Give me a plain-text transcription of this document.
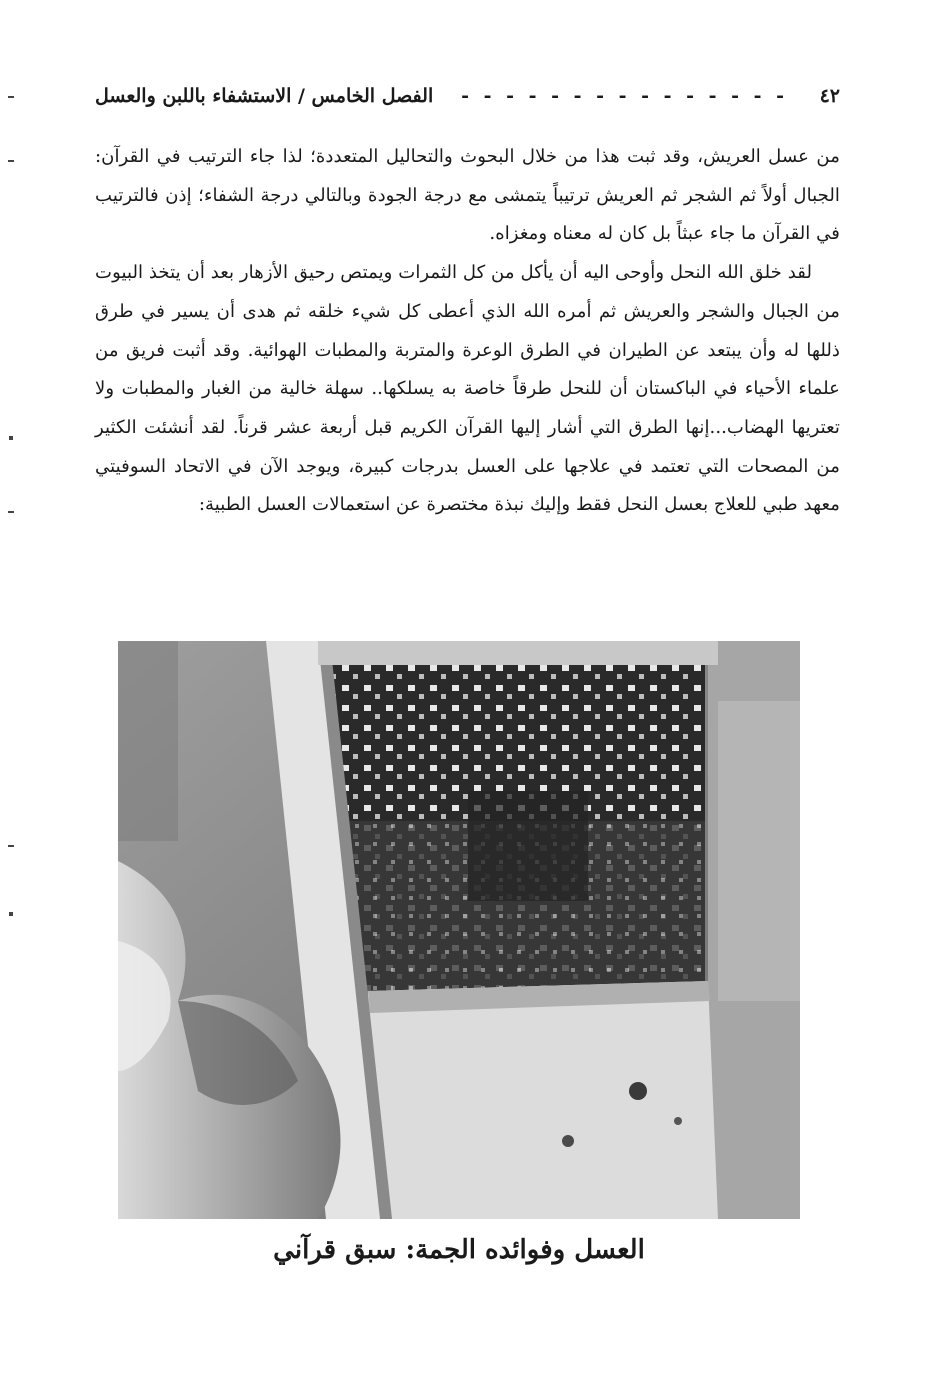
٤٢
- - - - - - - - - - - - - - -
الفصل الخامس / الاستشفاء باللبن والعسل

من عسل العريش، وقد ثبت هذا من خلال البحوث والتحاليل المتعددة؛ لذا جاء الترتيب في القرآن: الجبال أولاً ثم الشجر ثم العريش ترتيباً يتمشى مع درجة الجودة وبالتالي درجة الشفاء؛ إذن فالترتيب في القرآن ما جاء عبثاً بل كان له معناه ومغزاه.

لقد خلق الله النحل وأوحى اليه أن يأكل من كل الثمرات ويمتص رحيق الأزهار بعد أن يتخذ البيوت من الجبال والشجر والعريش ثم أمره الله الذي أعطى كل شيء خلقه ثم هدى أن يسير في طرق ذللها له وأن يبتعد عن الطيران في الطرق الوعرة والمتربة والمطبات الهوائية. وقد أثبت فريق من علماء الأحياء في الباكستان أن للنحل طرقاً خاصة به يسلكها.. سهلة خالية من الغبار والمطبات ولا تعتريها الهضاب...إنها الطرق التي أشار إليها القرآن الكريم قبل أربعة عشر قرناً. لقد أنشئت الكثير من المصحات التي تعتمد في علاجها على العسل بدرجات كبيرة، ويوجد الآن في الاتحاد السوفيتي معهد طبي للعلاج بعسل النحل فقط وإليك نبذة مختصرة عن استعمالات العسل الطبية:

العسل وفوائده الجمة: سبق قرآني
